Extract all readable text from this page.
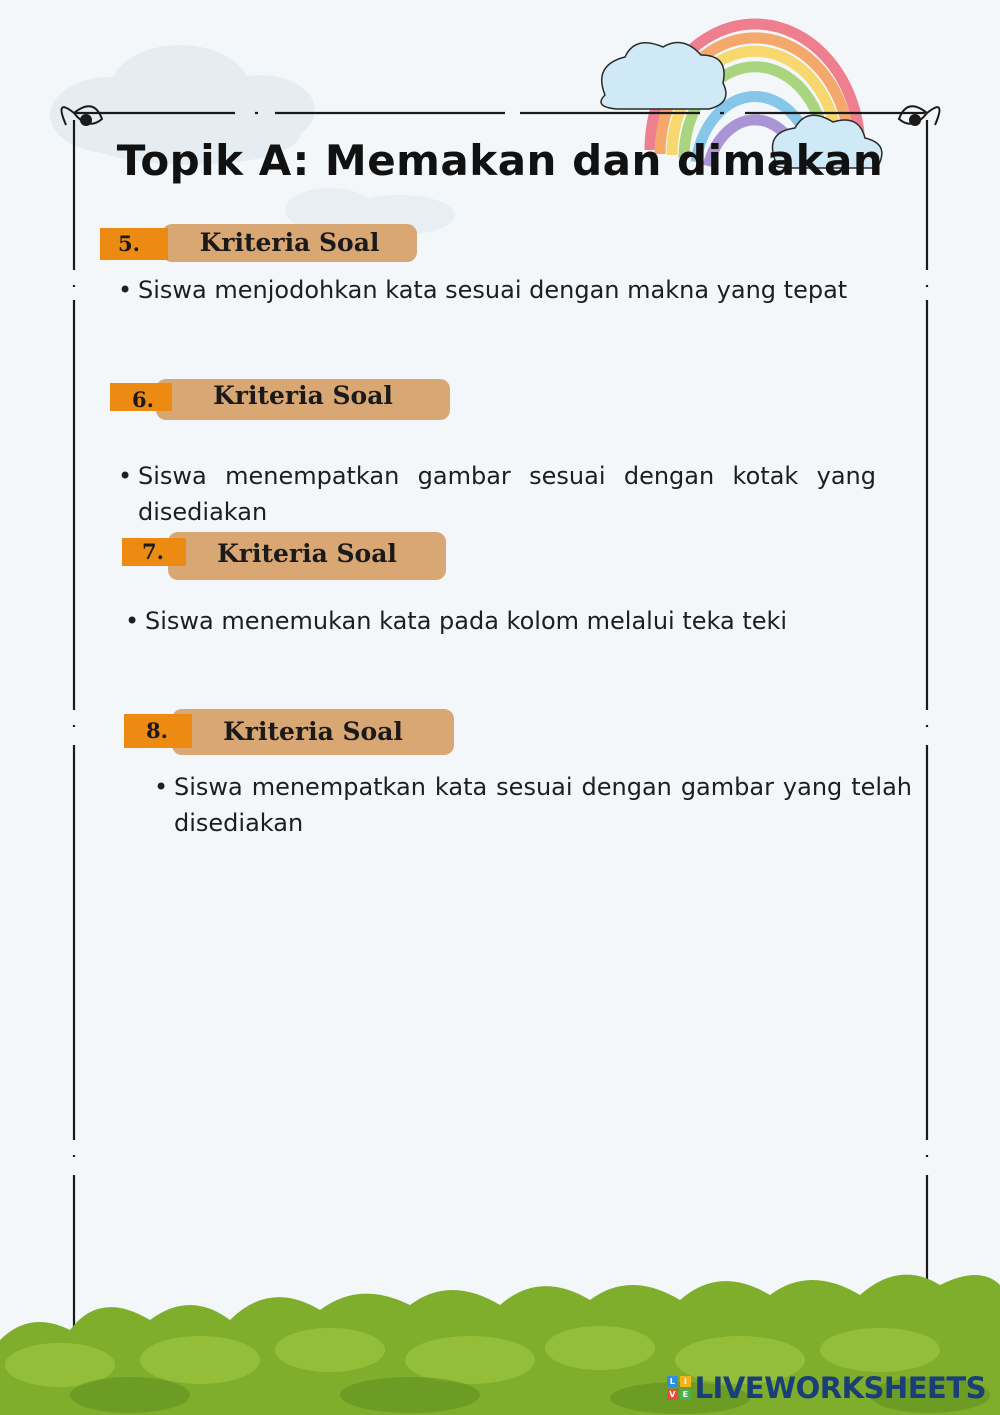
Topik A: Memakan dan dimakan
Kriteria Soal
5.
• Siswa menjodohkan kata sesuai dengan makna yang tepat
Kriteria Soal
6.
• Siswa menempatkan gambar sesuai dengan kotak yang disediakan
Kriteria Soal
7.
• Siswa menemukan kata pada kolom melalui teka teki
Kriteria Soal
8.
• Siswa menempatkan kata sesuai dengan gambar yang telah disediakan
L	I
V E LIVEWORKSHEETS
